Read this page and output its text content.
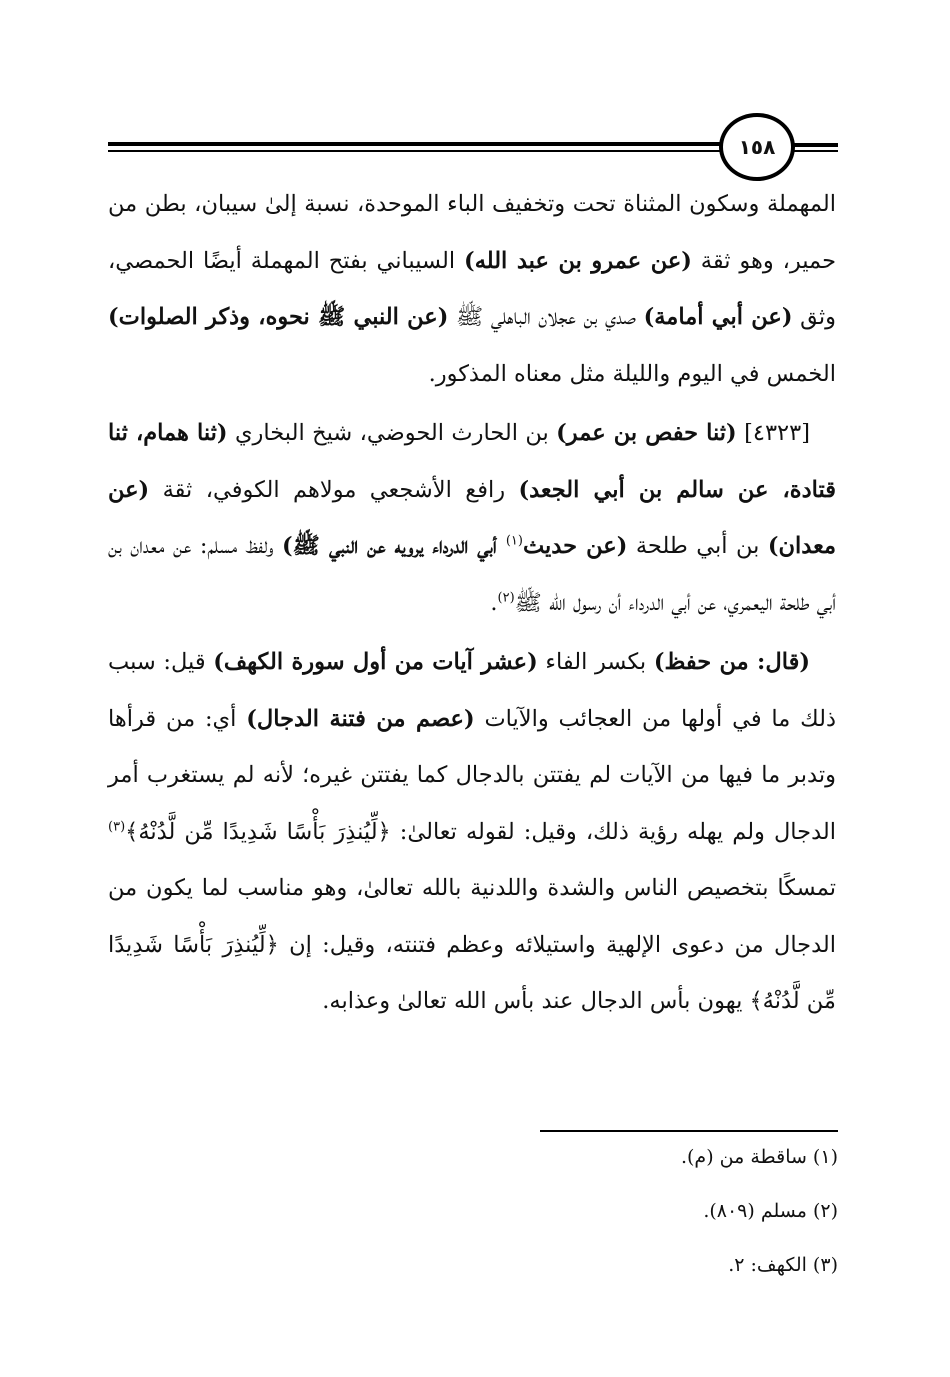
١٥٨

المهملة وسكون المثناة تحت وتخفيف الباء الموحدة، نسبة إلىٰ سيبان، بطن من حمير، وهو ثقة (عن عمرو بن عبد الله) السيباني بفتح المهملة أيضًا الحمصي، وثق (عن أبي أمامة) صدي بن عجلان الباهلي ﷺ (عن النبي ﷺ نحوه، وذكر الصلوات) الخمس في اليوم والليلة مثل معناه المذكور.

[٤٣٢٣] (ثنا حفص بن عمر) بن الحارث الحوضي، شيخ البخاري (ثنا همام، ثنا قتادة، عن سالم بن أبي الجعد) رافع الأشجعي مولاهم الكوفي، ثقة (عن معدان) بن أبي طلحة (عن حديث$^{(١)}$ أبي الدرداء يرويه عن النبي ﷺ) ولفظ مسلم: عن معدان بن أبي طلحة اليعمري، عن أبي الدرداء أن رسول الله ﷺ$^{(٢)}$.

(قال: من حفظ) بكسر الفاء (عشر آيات من أول سورة الكهف) قيل: سبب ذلك ما في أولها من العجائب والآيات (عصم من فتنة الدجال) أي: من قرأها وتدبر ما فيها من الآيات لم يفتتن بالدجال كما يفتتن غيره؛ لأنه لم يستغرب أمر الدجال ولم يهله رؤية ذلك، وقيل: لقوله تعالىٰ: ﴿لِّيُنذِرَ بَأْسًا شَدِيدًا مِّن لَّدُنْهُ﴾$^{(٣)}$ تمسكًا بتخصيص الناس والشدة واللدنية بالله تعالىٰ، وهو مناسب لما يكون من الدجال من دعوى الإلهية واستيلائه وعظم فتنته، وقيل: إن ﴿لِّيُنذِرَ بَأْسًا شَدِيدًا مِّن لَّدُنْهُ﴾ يهون بأس الدجال عند بأس الله تعالىٰ وعذابه.

(١) ساقطة من (م).
(٢) مسلم (٨٠٩).
(٣) الكهف: ٢.
